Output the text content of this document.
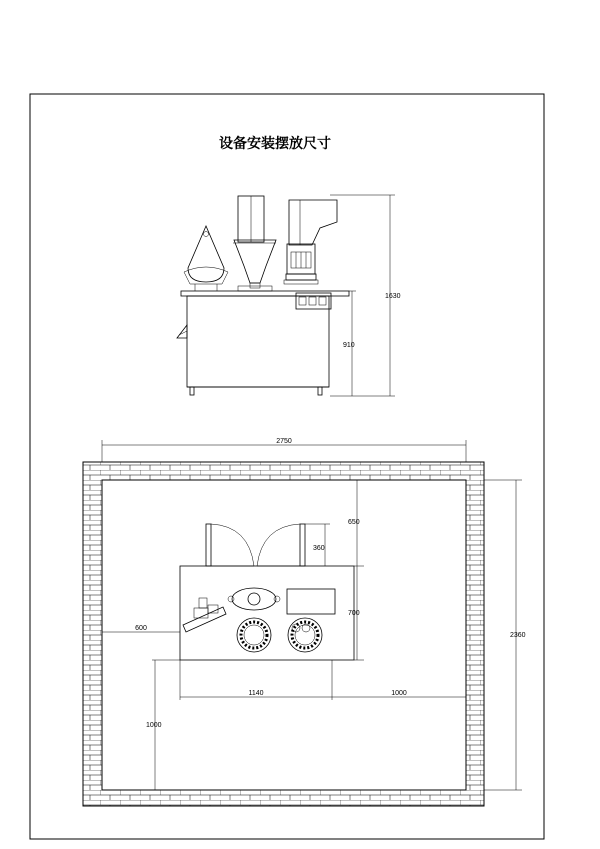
设备安装摆放尺寸
1630
910
2750
2360
650
360
700
600
1140	1000
1000
